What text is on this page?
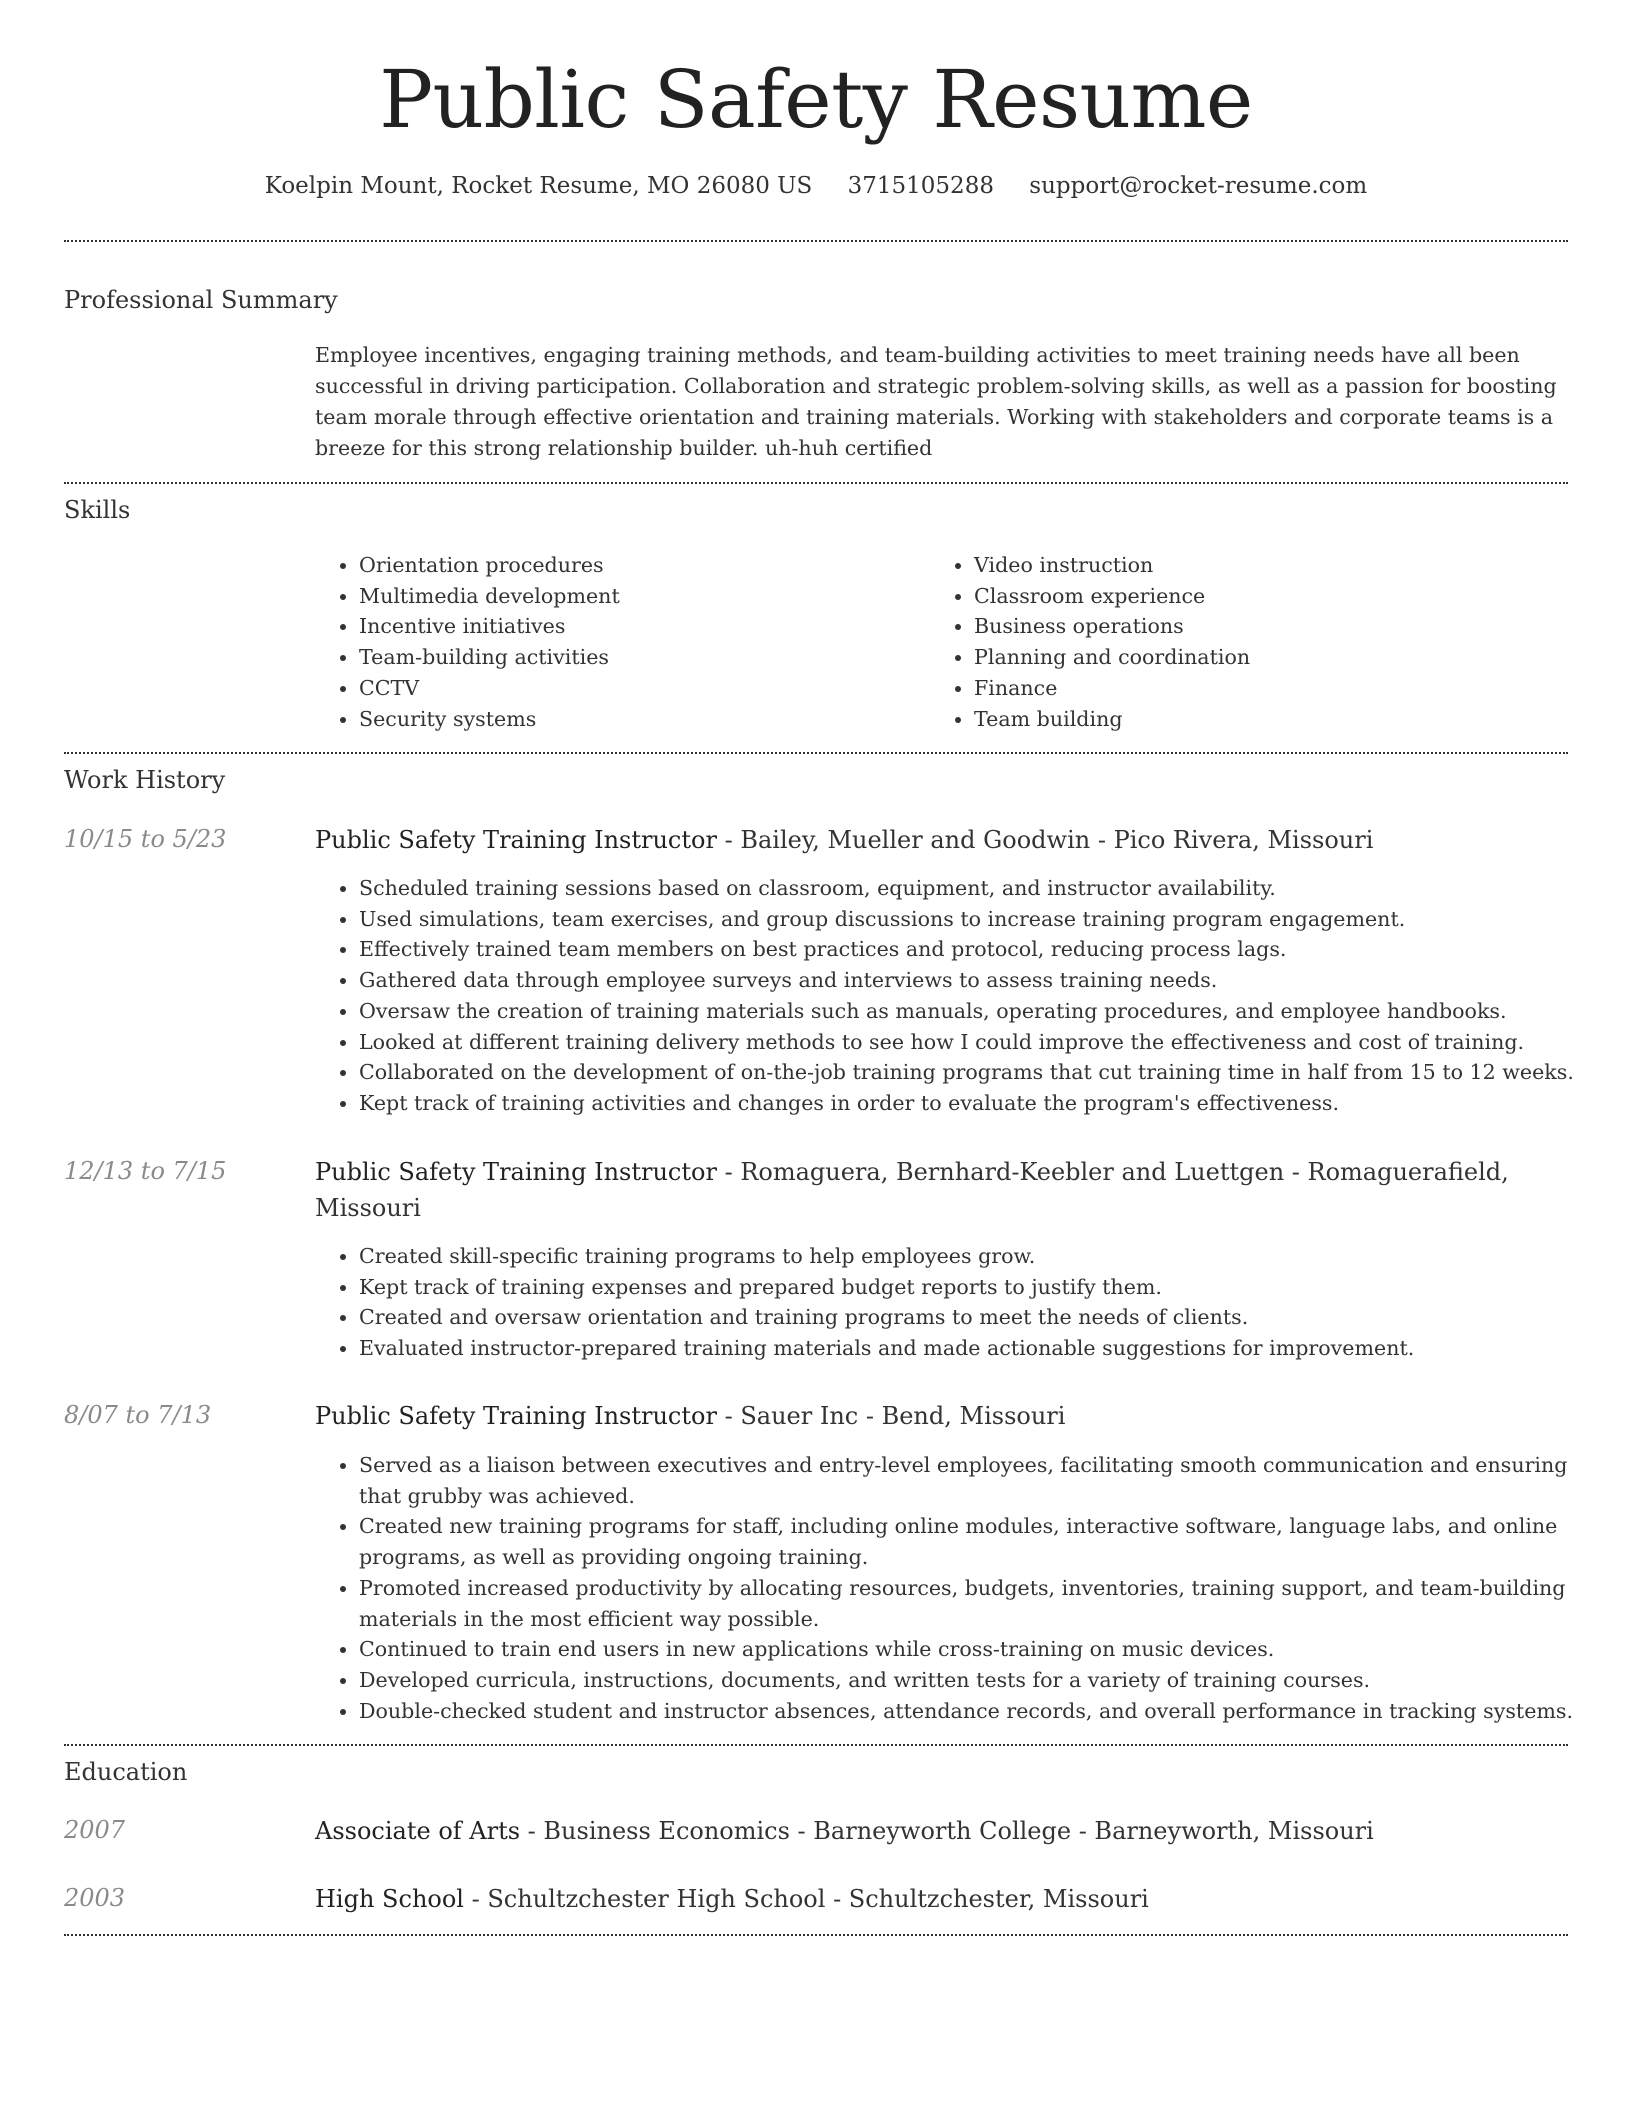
Public Safety Resume
Koelpin Mount, Rocket Resume, MO 26080 US 3715105288 support@rocket-resume.com
Professional Summary
Employee incentives, engaging training methods, and team-building activities to meet training needs have all been successful in driving participation. Collaboration and strategic problem-solving skills, as well as a passion for boosting team morale through effective orientation and training materials. Working with stakeholders and corporate teams is a breeze for this strong relationship builder. uh-huh certified
Skills
• Orientation procedures
• Multimedia development
• Incentive initiatives
• Team-building activities
• CCTV
• Security systems
• Video instruction
• Classroom experience
• Business operations
• Planning and coordination
• Finance
• Team building
Work History
10/15 to 5/23	Public Safety Training Instructor - Bailey, Mueller and Goodwin - Pico Rivera, Missouri
• Scheduled training sessions based on classroom, equipment, and instructor availability.
• Used simulations, team exercises, and group discussions to increase training program engagement.
• Effectively trained team members on best practices and protocol, reducing process lags.
• Gathered data through employee surveys and interviews to assess training needs.
• Oversaw the creation of training materials such as manuals, operating procedures, and employee handbooks.
• Looked at different training delivery methods to see how I could improve the effectiveness and cost of training.
• Collaborated on the development of on-the-job training programs that cut training time in half from 15 to 12 weeks.
• Kept track of training activities and changes in order to evaluate the program's effectiveness.
12/13 to 7/15	Public Safety Training Instructor - Romaguera, Bernhard-Keebler and Luettgen - Romaguerafield, Missouri
• Created skill-specific training programs to help employees grow.
• Kept track of training expenses and prepared budget reports to justify them.
• Created and oversaw orientation and training programs to meet the needs of clients.
• Evaluated instructor-prepared training materials and made actionable suggestions for improvement.
8/07 to 7/13	Public Safety Training Instructor - Sauer Inc - Bend, Missouri
• Served as a liaison between executives and entry-level employees, facilitating smooth communication and ensuring that grubby was achieved.
• Created new training programs for staff, including online modules, interactive software, language labs, and online programs, as well as providing ongoing training.
• Promoted increased productivity by allocating resources, budgets, inventories, training support, and team-building materials in the most efficient way possible.
• Continued to train end users in new applications while cross-training on music devices.
• Developed curricula, instructions, documents, and written tests for a variety of training courses.
• Double-checked student and instructor absences, attendance records, and overall performance in tracking systems.
Education
2007	Associate of Arts - Business Economics - Barneyworth College - Barneyworth, Missouri
2003	High School - Schultzchester High School - Schultzchester, Missouri
